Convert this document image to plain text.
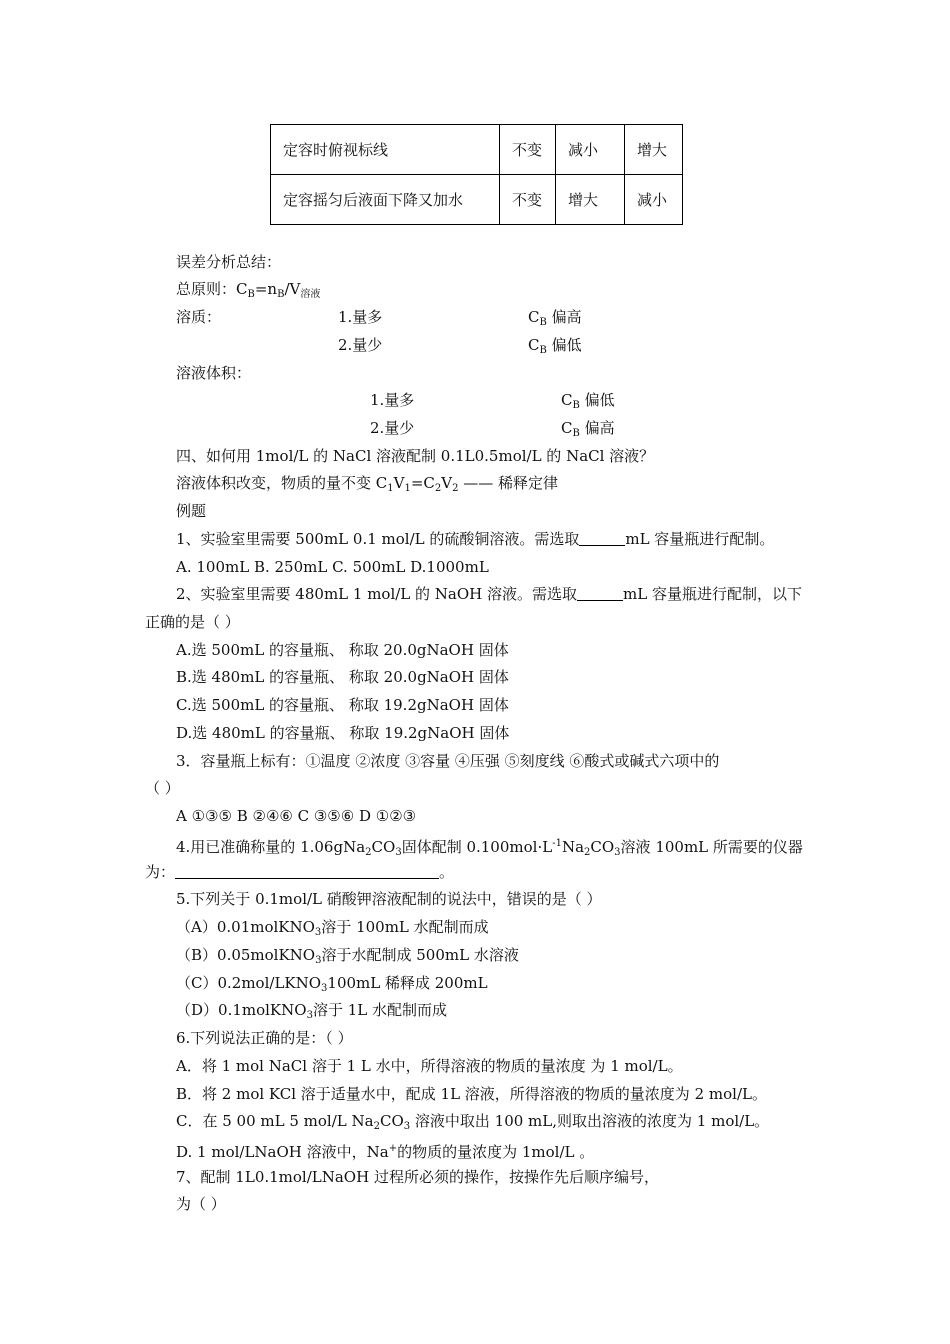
定容时俯视标线	不变	减小	增大
定容摇匀后液面下降又加水	不变	增大	减小
误差分析总结：
总原则：$C_B=n_B/V_{溶液}$
溶质：	1.量多	$C_B$ 偏高
2.量少	$C_B$ 偏低
溶液体积：
1.量多	$C_B$ 偏低
2.量少	$C_B$ 偏高
四、如何用 1mol/L 的 NaCl 溶液配制 0.1L0.5mol/L 的 NaCl 溶液？
溶液体积改变，物质的量不变 $C_1V_1=C_2V_2$ —— 稀释定律
例题
1、实验室里需要 500mL 0.1 mol/L 的硫酸铜溶液。需选取	mL 容量瓶进行配制。
A. 100mL B. 250mL C. 500mL D.1000mL
2、实验室里需要 480mL 1 mol/L 的 NaOH 溶液。需选取	mL 容量瓶进行配制，以下
正确的是（ ）
A.选 500mL 的容量瓶、 称取 20.0gNaOH 固体
B.选 480mL 的容量瓶、 称取 20.0gNaOH 固体
C.选 500mL 的容量瓶、 称取 19.2gNaOH 固体
D.选 480mL 的容量瓶、 称取 19.2gNaOH 固体
3．容量瓶上标有：①温度 ②浓度 ③容量 ④压强 ⑤刻度线 ⑥酸式或碱式六项中的
（ ）
A ①③⑤ B ②④⑥ C ③⑤⑥ D ①②③
4.用已准确称量的 $1.06gNa_2CO_3$固体配制 $0.100mol\cdot L^{-1}Na_2CO_3$溶液 100mL 所需要的仪器
为：	。
5.下列关于 0.1mol/L 硝酸钾溶液配制的说法中，错误的是（ ）
（A）0.01molKNO$_3$溶于 100mL 水配制而成
（B）0.05molKNO$_3$溶于水配制成 500mL 水溶液
$(C)0.2mol/LKNO_3100mL$ 稀释成 200mL
（D）0.1molKNO$_3$溶于 1L 水配制而成
6.下列说法正确的是：（ ）
A．将 1 mol NaCl 溶于 1 L 水中，所得溶液的物质的量浓度 为 1 mol/L。
B．将 2 mol KCl 溶于适量水中，配成 1L 溶液，所得溶液的物质的量浓度为 2 mol/L。
C．在 5 00 mL 5 mol/L $Na_2CO_3$ 溶液中取出 100 mL,则取出溶液的浓度为 1 mol/L。
D. 1 mol/LNaOH 溶液中，Na+的物质的量浓度为 1mol/L 。
7、配制 1L0.1mol/LNaOH 过程所必须的操作，按操作先后顺序编号，
为（ ）
